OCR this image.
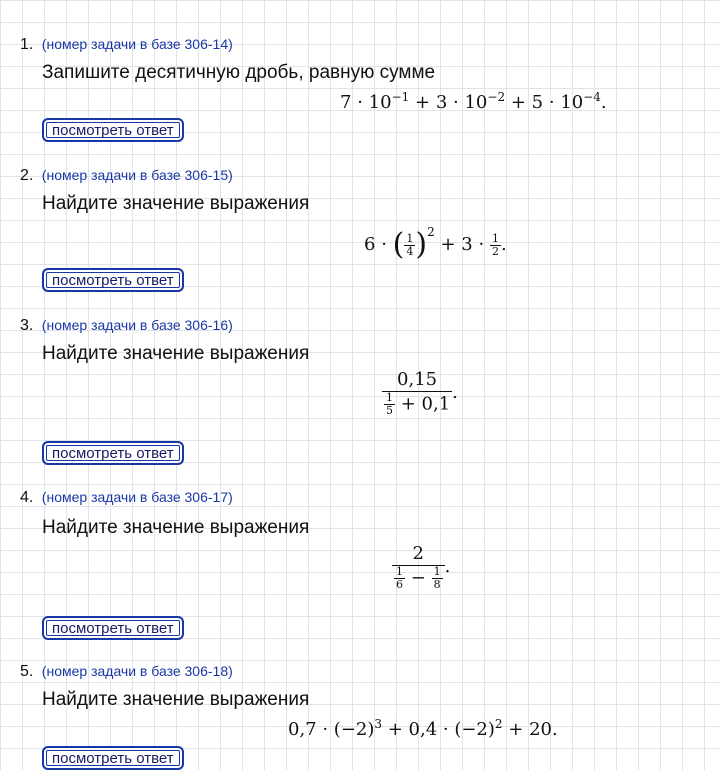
1. (номер задачи в базе 306-14)
Запишите десятичную дробь, равную сумме
$7 \cdot 10^{-1} + 3 \cdot 10^{-2} + 5 \cdot 10^{-4}$.
посмотреть ответ
2. (номер задачи в базе 306-15)
Найдите значение выражения
6 · ( $\frac{1}{4} )^2 + 3 \cdot \frac{1}{2}$ .
посмотреть ответ
3. (номер задачи в базе 306-16)
Найдите значение выражения
$\frac{0,15}{\frac{1}{5} + 0,1}$ .
посмотреть ответ
4. (номер задачи в базе 306-17)
Найдите значение выражения
$\frac{2}{\frac{1}{6} - \frac{1}{8}}$ .
посмотреть ответ
5. (номер задачи в базе 306-18)
Найдите значение выражения
$0,7 \cdot (-2)^3 + 0,4 \cdot (-2)^2 + 20$.
посмотреть ответ
